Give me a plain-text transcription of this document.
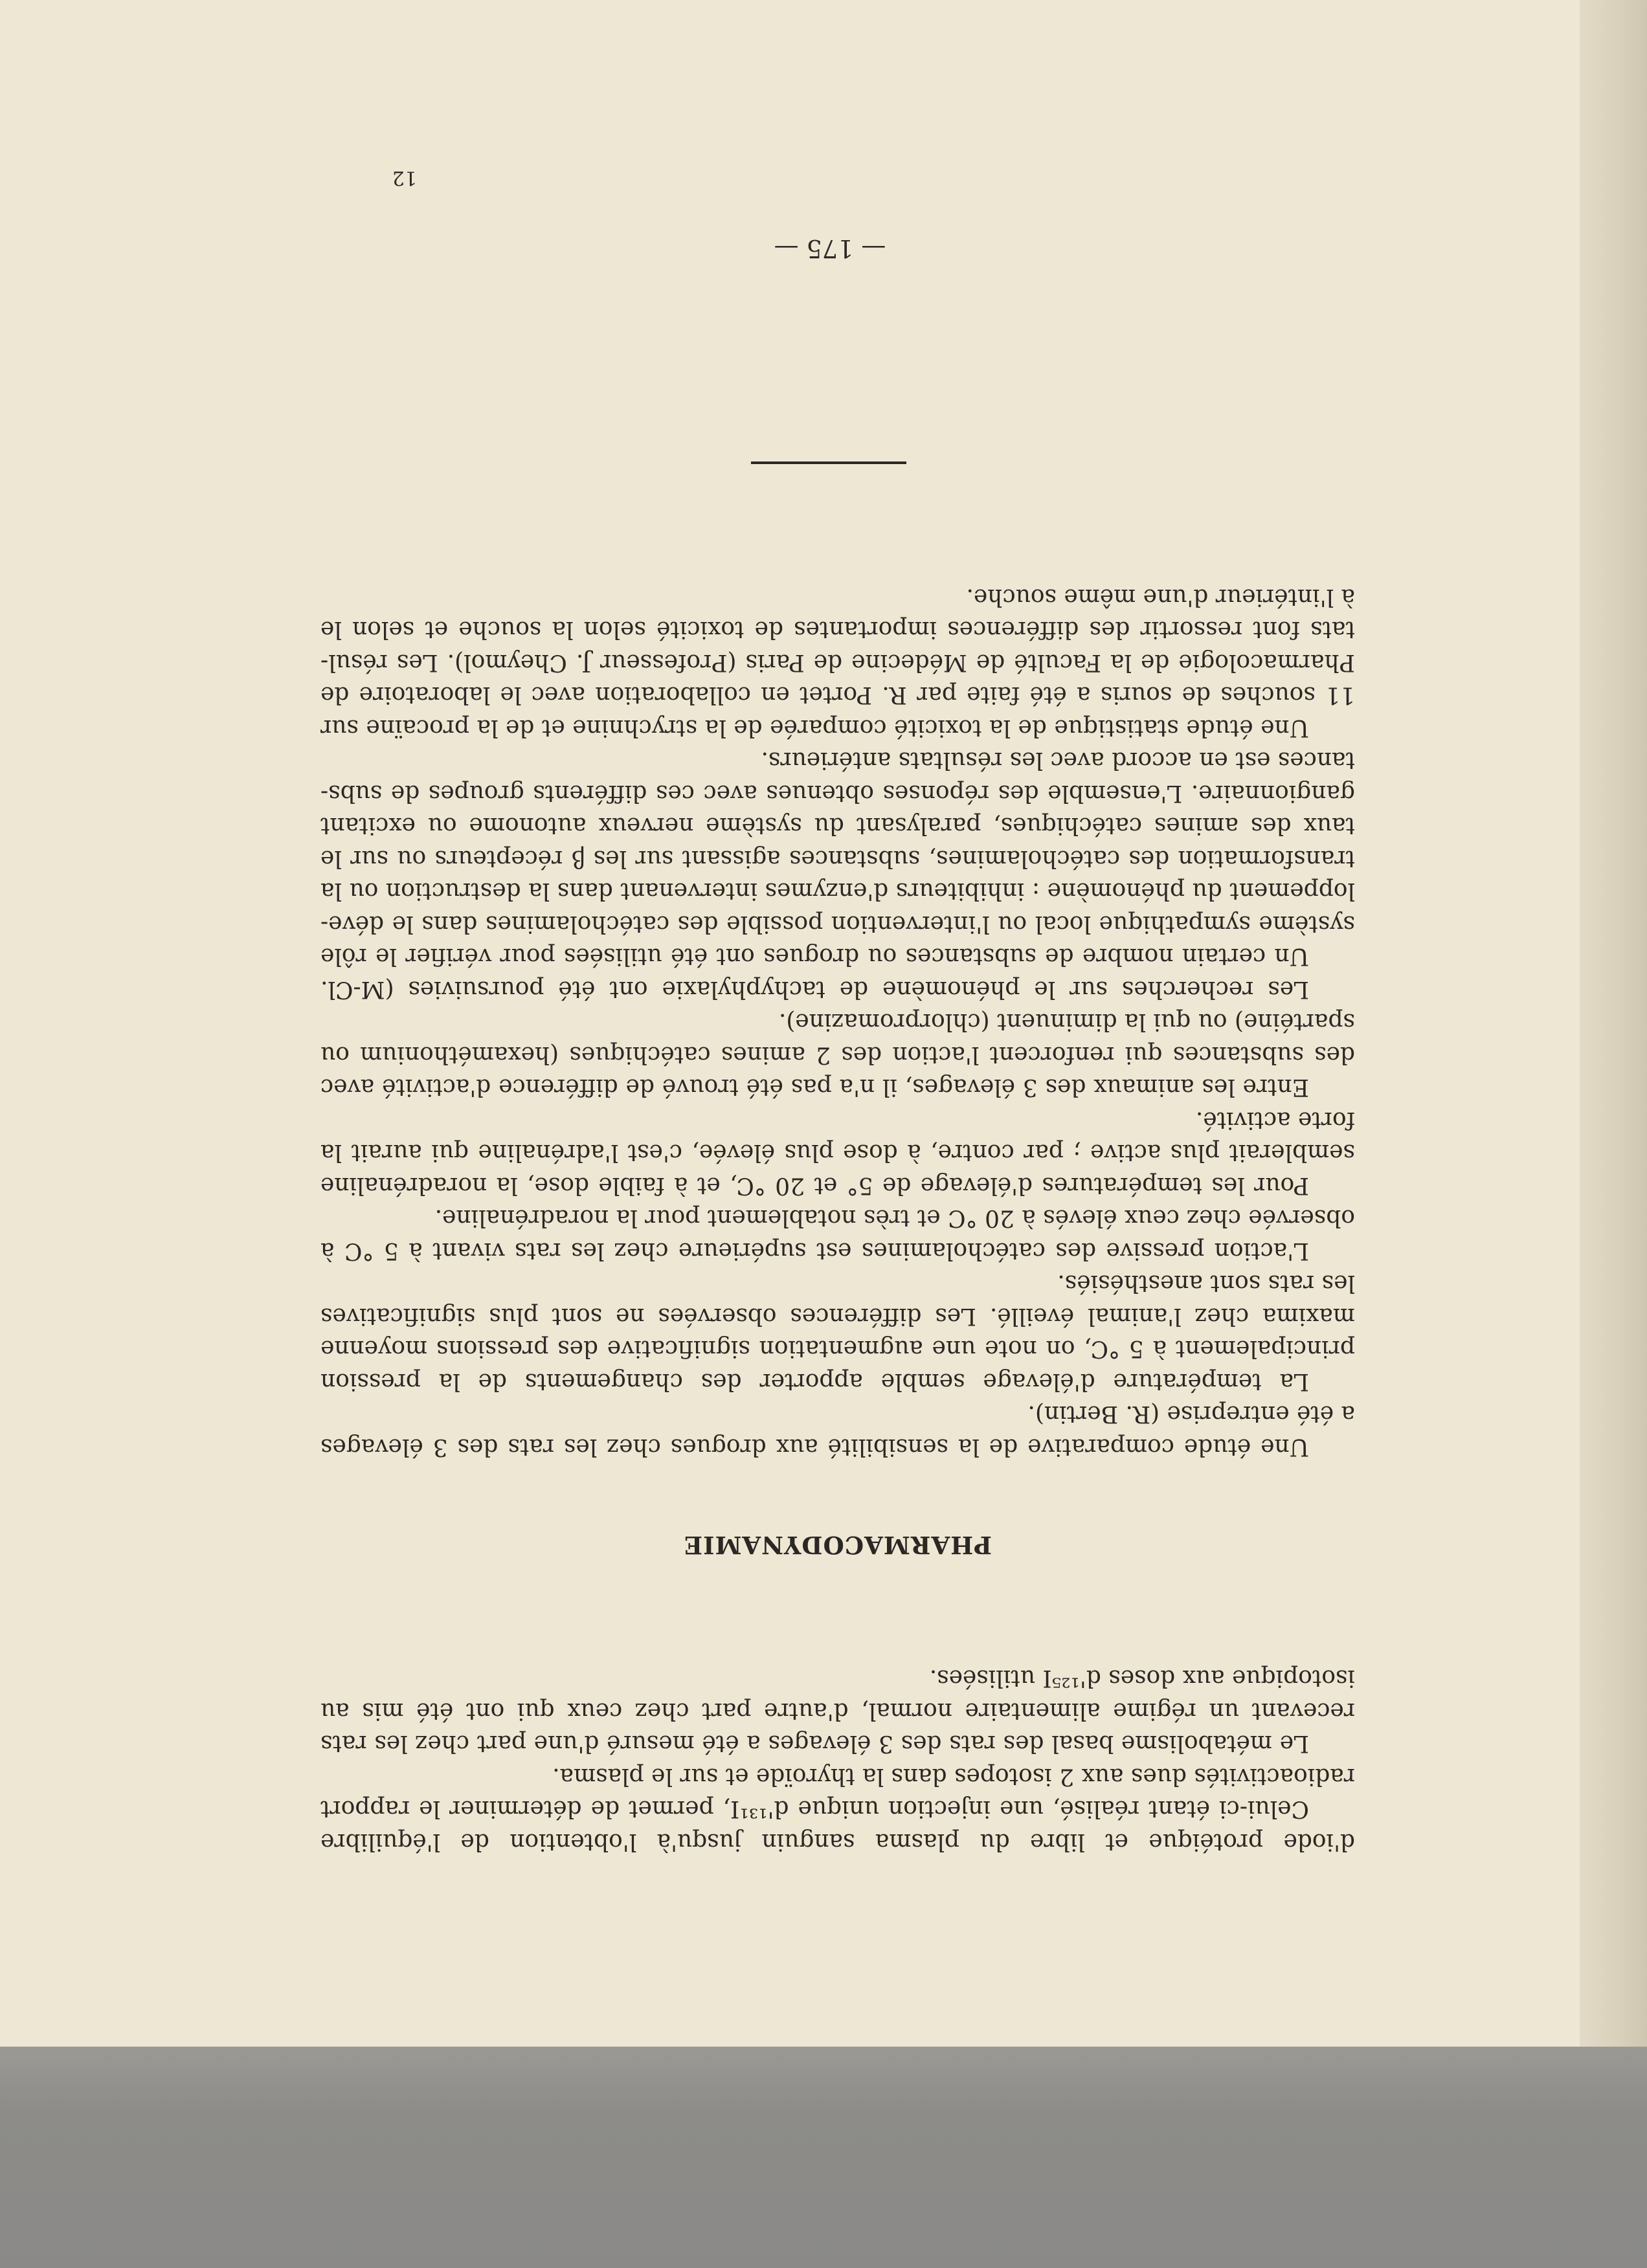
d'iode protéique et libre du plasma sanguin jusqu'à l'obtention de l'équilibre
Celui-ci étant réalisé, une injection unique d'¹³¹I, permet de déterminer le rapport
radioactivités dues aux 2 isotopes dans la thyroïde et sur le plasma.
Le métabolisme basal des rats des 3 élevages a été mesuré d'une part chez les rats
recevant un régime alimentaire normal, d'autre part chez ceux qui ont été mis au
isotopique aux doses d'¹²⁵I utilisées.
PHARMACODYNAMIE
Une étude comparative de la sensibilité aux drogues chez les rats des 3 élevages
a été entreprise (R. Bertin).
La température d'élevage semble apporter des changements de la pression
principalement à 5 °C, on note une augmentation significative des pressions moyenne
maxima chez l'animal éveillé. Les différences observées ne sont plus significatives
les rats sont anesthésiés.
L'action pressive des catécholamines est supérieure chez les rats vivant à 5 °C à
observée chez ceux élevés à 20 °C et très notablement pour la noradrénaline.
Pour les températures d'élevage de 5° et 20 °C, et à faible dose, la noradrénaline
semblerait plus active ; par contre, à dose plus élevée, c'est l'adrénaline qui aurait la
forte activité.
Entre les animaux des 3 élevages, il n'a pas été trouvé de différence d'activité avec
des substances qui renforcent l'action des 2 amines catéchiques (hexaméthonium ou
spartéine) ou qui la diminuent (chlorpromazine).
Les recherches sur le phénomène de tachyphylaxie ont été poursuivies (M-Cl.
Un certain nombre de substances ou drogues ont été utilisées pour vérifier le rôle
système sympathique local ou l'intervention possible des catécholamines dans le déve-
loppement du phénomène : inhibiteurs d'enzymes intervenant dans la destruction ou la
transformation des catécholamines, substances agissant sur les β récepteurs ou sur le
taux des amines catéchiques, paralysant du système nerveux autonome ou excitant
gangionnaire. L'ensemble des réponses obtenues avec ces différents groupes de subs-
tances est en accord avec les résultats antérieurs.
Une étude statistique de la toxicité comparée de la strychnine et de la procaïne sur
11 souches de souris a été faite par R. Portet en collaboration avec le laboratoire de
Pharmacologie de la Faculté de Médecine de Paris (Professeur J. Cheymol). Les résul-
tats font ressortir des différences importantes de toxicité selon la souche et selon le
à l'intérieur d'une même souche.
— 175 —
12
